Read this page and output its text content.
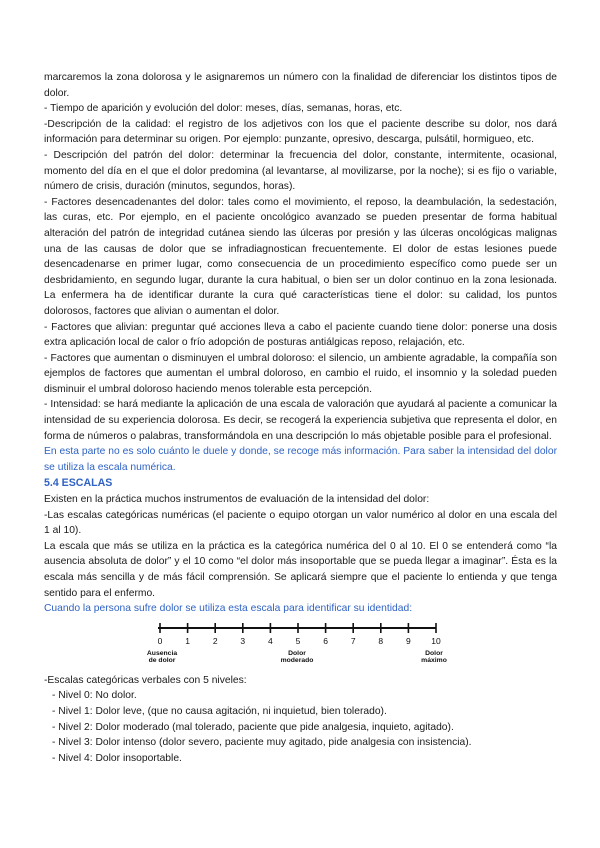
marcaremos la zona dolorosa y le asignaremos un número con la finalidad de diferenciar los distintos tipos de dolor.

- Tiempo de aparición y evolución del dolor: meses, días, semanas, horas, etc.

-Descripción de la calidad: el registro de los adjetivos con los que el paciente describe su dolor, nos dará información para determinar su origen. Por ejemplo: punzante, opresivo, descarga, pulsátil, hormigueo, etc.

- Descripción del patrón del dolor: determinar la frecuencia del dolor, constante, intermitente, ocasional, momento del día en el que el dolor predomina (al levantarse, al movilizarse, por la noche); si es fijo o variable, número de crisis, duración (minutos, segundos, horas).

- Factores desencadenantes del dolor: tales como el movimiento, el reposo, la deambulación, la sedestación, las curas, etc. Por ejemplo, en el paciente oncológico avanzado se pueden presentar de forma habitual alteración del patrón de integridad cutánea siendo las úlceras por presión y las úlceras oncológicas malignas una de las causas de dolor que se infradiagnostican frecuentemente. El dolor de estas lesiones puede desencadenarse en primer lugar, como consecuencia de un procedimiento específico como puede ser un desbridamiento, en segundo lugar, durante la cura habitual, o bien ser un dolor continuo en la zona lesionada. La enfermera ha de identificar durante la cura qué características tiene el dolor: su calidad, los puntos dolorosos, factores que alivian o aumentan el dolor.

- Factores que alivian: preguntar qué acciones lleva a cabo el paciente cuando tiene dolor: ponerse una dosis extra aplicación local de calor o frío adopción de posturas antiálgicas reposo, relajación, etc.

- Factores que aumentan o disminuyen el umbral doloroso: el silencio, un ambiente agradable, la compañía son ejemplos de factores que aumentan el umbral doloroso, en cambio el ruido, el insomnio y la soledad pueden disminuir el umbral doloroso haciendo menos tolerable esta percepción.

- Intensidad: se hará mediante la aplicación de una escala de valoración que ayudará al paciente a comunicar la intensidad de su experiencia dolorosa. Es decir, se recogerá la experiencia subjetiva que representa el dolor, en forma de números o palabras, transformándola en una descripción lo más objetable posible para el profesional.

En esta parte no es solo cuánto le duele y donde, se recoge más información. Para saber la intensidad del dolor se utiliza la escala numérica.

5.4 ESCALAS

Existen en la práctica muchos instrumentos de evaluación de la intensidad del dolor:

-Las escalas categóricas numéricas (el paciente o equipo otorgan un valor numérico al dolor en una escala del 1 al 10).

La escala que más se utiliza en la práctica es la categórica numérica del 0 al 10. El 0 se entenderá como “la ausencia absoluta de dolor” y el 10 como “el dolor más insoportable que se pueda llegar a imaginar”. Ésta es la escala más sencilla y de más fácil comprensión. Se aplicará siempre que el paciente lo entienda y que tenga sentido para el enfermo.

Cuando la persona sufre dolor se utiliza esta escala para identificar su identidad:

0	1	2	3	4	5	6	7	8	9 10
Ausencia
de dolor
Dolor
moderado
Dolor
máximo

-Escalas categóricas verbales con 5 niveles:

- Nivel 0: No dolor.

- Nivel 1: Dolor leve, (que no causa agitación, ni inquietud, bien tolerado).

- Nivel 2: Dolor moderado (mal tolerado, paciente que pide analgesia, inquieto, agitado).

- Nivel 3: Dolor intenso (dolor severo, paciente muy agitado, pide analgesia con insistencia).

- Nivel 4: Dolor insoportable.
